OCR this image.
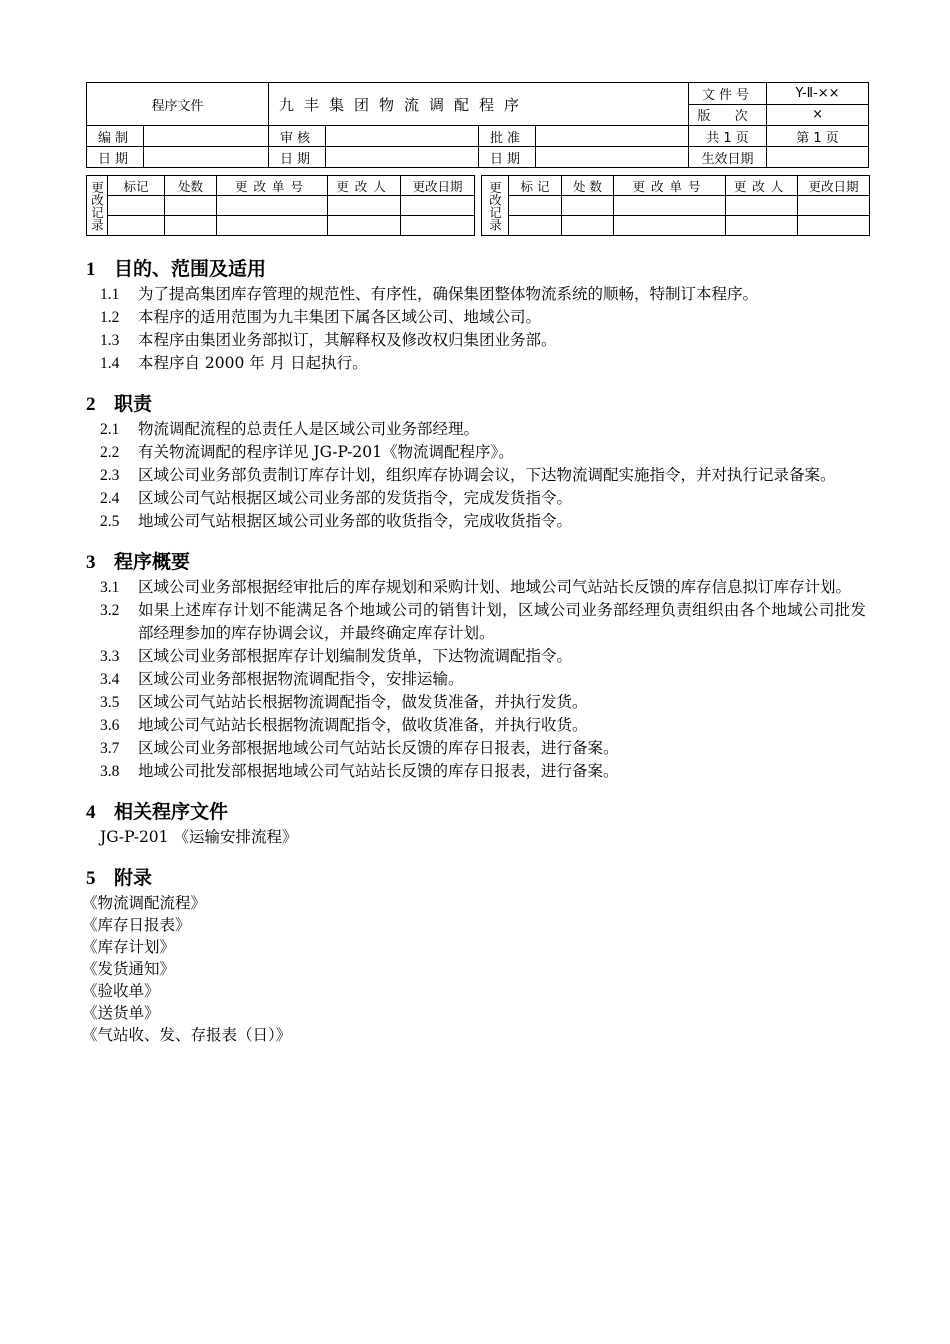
程序文件		九丰集团物流调配程序				文件号	Y-Ⅱ-××
						版 次	×
编制		审核		批准		共 1 页	第 1 页
日期		日期		日期		生效日期	
更改记录	标记	处数	更改单号	更改人	更改日期

				更改记录	标 记	处 数	更改单号	更改人	更改日期

1 目的、范围及适用
1.1	为了提高集团库存管理的规范性、有序性，确保集团整体物流系统的顺畅，特制订本程序。
1.2	本程序的适用范围为九丰集团下属各区域公司、地域公司。
1.3	本程序由集团业务部拟订，其解释权及修改权归集团业务部。
1.4	本程序自 2000 年 月 日起执行。
2 职责
2.1	物流调配流程的总责任人是区域公司业务部经理。
2.2	有关物流调配的程序详见 JG-P-201《物流调配程序》。
2.3	区域公司业务部负责制订库存计划，组织库存协调会议，下达物流调配实施指令，并对执行记录备案。
2.4	区域公司气站根据区域公司业务部的发货指令，完成发货指令。
2.5	地域公司气站根据区域公司业务部的收货指令，完成收货指令。
3 程序概要
3.1	区域公司业务部根据经审批后的库存规划和采购计划、地域公司气站站长反馈的库存信息拟订库存计划。
3.2	如果上述库存计划不能满足各个地域公司的销售计划，区域公司业务部经理负责组织由各个地域公司批发部经理参加的库存协调会议，并最终确定库存计划。
3.3	区域公司业务部根据库存计划编制发货单，下达物流调配指令。
3.4	区域公司业务部根据物流调配指令，安排运输。
3.5	区域公司气站站长根据物流调配指令，做发货准备，并执行发货。
3.6	地域公司气站站长根据物流调配指令，做收货准备，并执行收货。
3.7	区域公司业务部根据地域公司气站站长反馈的库存日报表，进行备案。
3.8	地域公司批发部根据地域公司气站站长反馈的库存日报表，进行备案。
4 相关程序文件
JG-P-201 《运输安排流程》
5 附录
《物流调配流程》
《库存日报表》
《库存计划》
《发货通知》
《验收单》
《送货单》
《气站收、发、存报表（日）》
